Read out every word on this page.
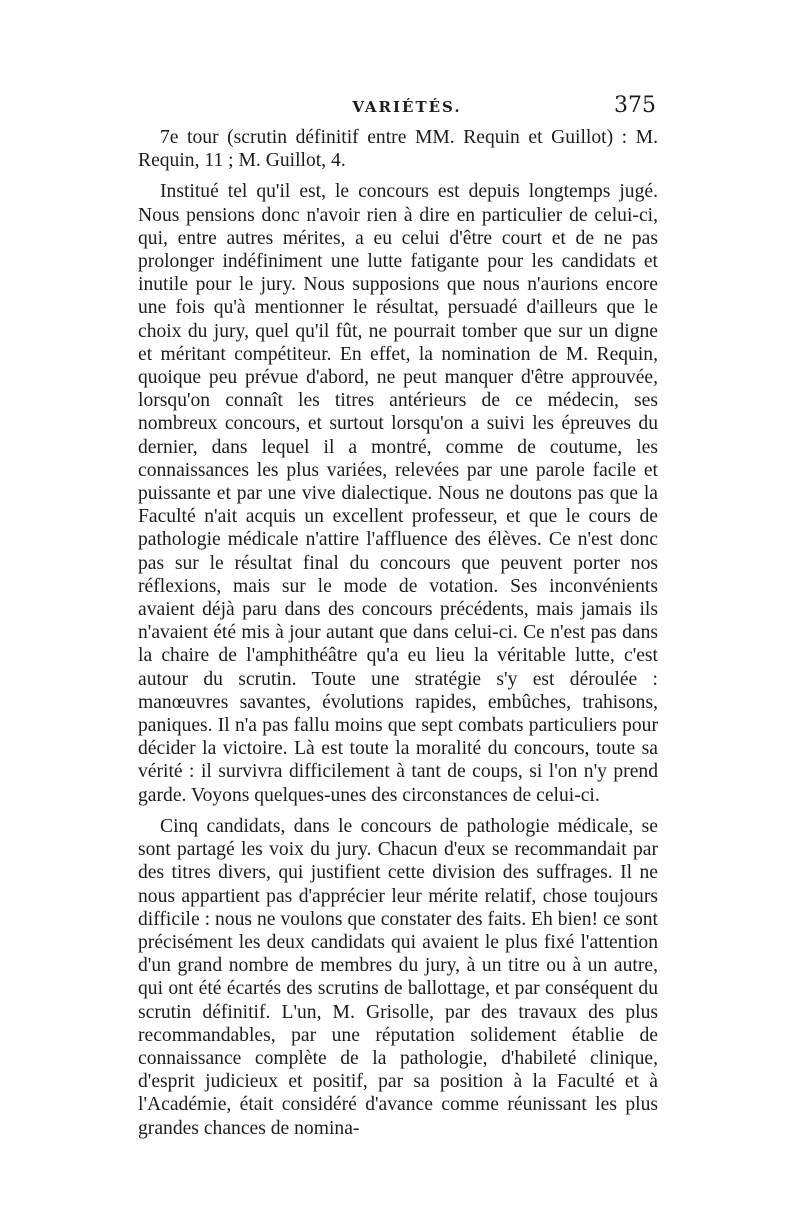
VARIÉTÉS.	375

7e tour (scrutin définitif entre MM. Requin et Guillot) : M. Requin, 11 ; M. Guillot, 4.

Institué tel qu'il est, le concours est depuis longtemps jugé. Nous pensions donc n'avoir rien à dire en particulier de celui-ci, qui, entre autres mérites, a eu celui d'être court et de ne pas prolonger indéfiniment une lutte fatigante pour les candidats et inutile pour le jury. Nous supposions que nous n'aurions encore une fois qu'à mentionner le résultat, persuadé d'ailleurs que le choix du jury, quel qu'il fût, ne pourrait tomber que sur un digne et méritant compétiteur. En effet, la nomination de M. Requin, quoique peu prévue d'abord, ne peut manquer d'être approuvée, lorsqu'on connaît les titres antérieurs de ce médecin, ses nombreux concours, et surtout lorsqu'on a suivi les épreuves du dernier, dans lequel il a montré, comme de coutume, les connaissances les plus variées, relevées par une parole facile et puissante et par une vive dialectique. Nous ne doutons pas que la Faculté n'ait acquis un excellent professeur, et que le cours de pathologie médicale n'attire l'affluence des élèves. Ce n'est donc pas sur le résultat final du concours que peuvent porter nos réflexions, mais sur le mode de votation. Ses inconvénients avaient déjà paru dans des concours précédents, mais jamais ils n'avaient été mis à jour autant que dans celui-ci. Ce n'est pas dans la chaire de l'amphithéâtre qu'a eu lieu la véritable lutte, c'est autour du scrutin. Toute une stratégie s'y est déroulée : manœuvres savantes, évolutions rapides, embûches, trahisons, paniques. Il n'a pas fallu moins que sept combats particuliers pour décider la victoire. Là est toute la moralité du concours, toute sa vérité : il survivra difficilement à tant de coups, si l'on n'y prend garde. Voyons quelques-unes des circonstances de celui-ci.

Cinq candidats, dans le concours de pathologie médicale, se sont partagé les voix du jury. Chacun d'eux se recommandait par des titres divers, qui justifient cette division des suffrages. Il ne nous appartient pas d'apprécier leur mérite relatif, chose toujours difficile : nous ne voulons que constater des faits. Eh bien! ce sont précisément les deux candidats qui avaient le plus fixé l'attention d'un grand nombre de membres du jury, à un titre ou à un autre, qui ont été écartés des scrutins de ballottage, et par conséquent du scrutin définitif. L'un, M. Grisolle, par des travaux des plus recommandables, par une réputation solidement établie de connaissance complète de la pathologie, d'habileté clinique, d'esprit judicieux et positif, par sa position à la Faculté et à l'Académie, était considéré d'avance comme réunissant les plus grandes chances de nomina-
